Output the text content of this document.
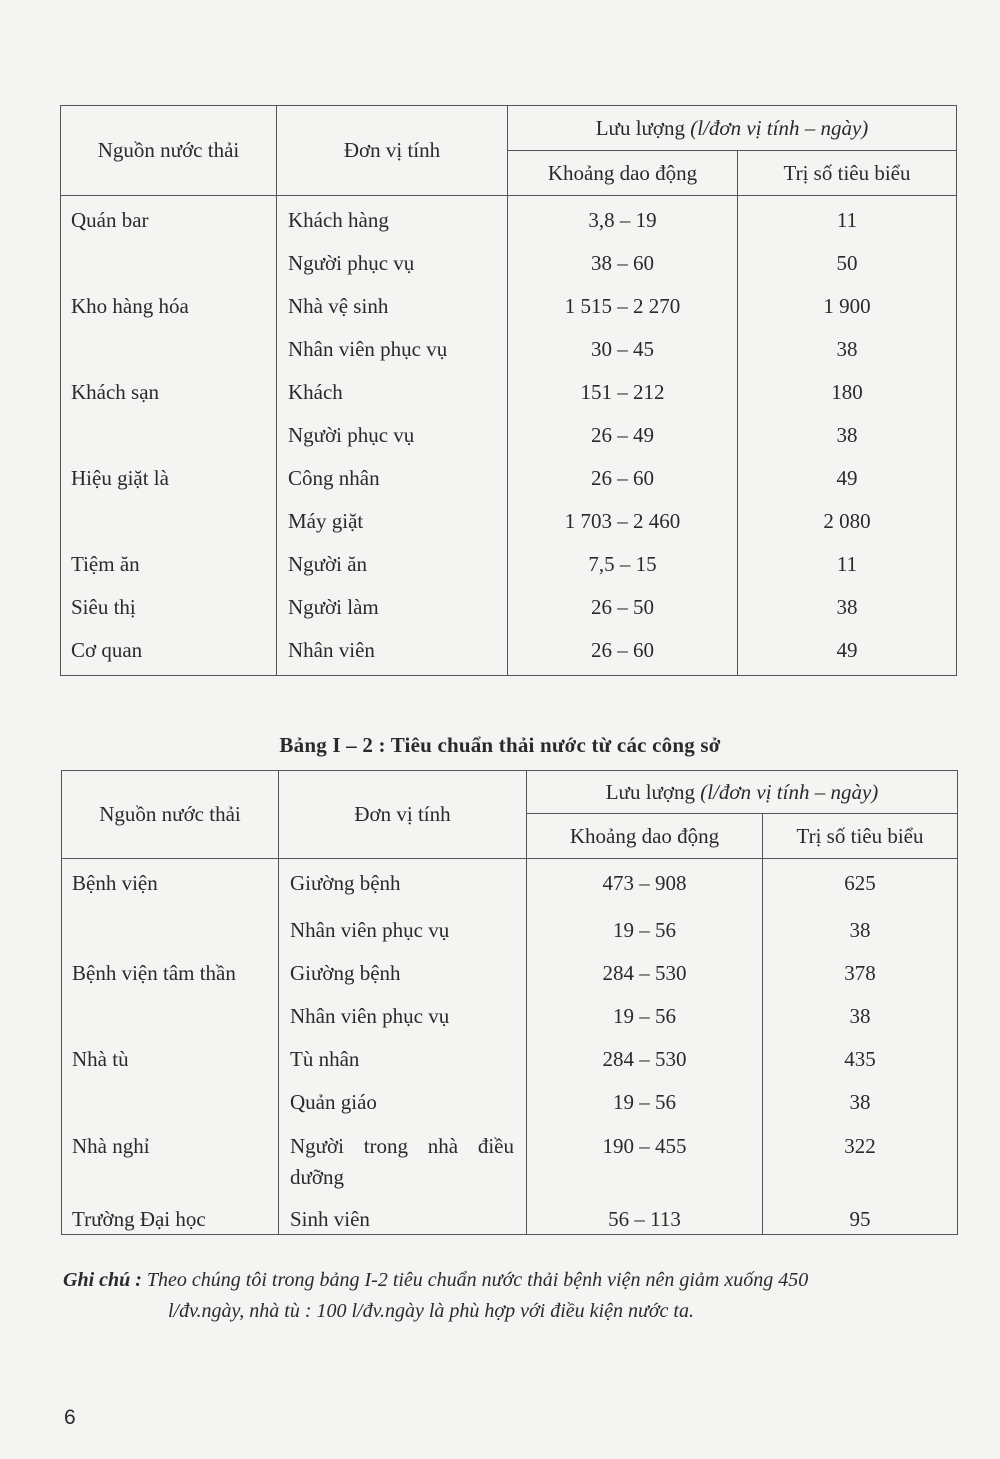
Nguồn nước thải	Đơn vị tính	Lưu lượng (l/đơn vị tính – ngày)	
		Khoảng dao động	Trị số tiêu biểu
Quán bar	Khách hàng	3,8 – 19	11
	Người phục vụ	38 – 60	50
Kho hàng hóa	Nhà vệ sinh	1 515 – 2 270	1 900
	Nhân viên phục vụ	30 – 45	38
Khách sạn	Khách	151 – 212	180
	Người phục vụ	26 – 49	38
Hiệu giặt là	Công nhân	26 – 60	49
	Máy giặt	1 703 – 2 460	2 080
Tiệm ăn	Người ăn	7,5 – 15	11
Siêu thị	Người làm	26 – 50	38
Cơ quan	Nhân viên	26 – 60	49
Bảng I – 2 : Tiêu chuẩn thải nước từ các công sở
Nguồn nước thải	Đơn vị tính	Lưu lượng (l/đơn vị tính – ngày)	
		Khoảng dao động	Trị số tiêu biểu
Bệnh viện	Giường bệnh	473 – 908	625
	Nhân viên phục vụ	19 – 56	38
Bệnh viện tâm thần	Giường bệnh	284 – 530	378
	Nhân viên phục vụ	19 – 56	38
Nhà tù	Tù nhân	284 – 530	435
	Quản giáo	19 – 56	38
Nhà nghỉ	Người trong nhà điều dưỡng	190 – 455	322
Trường Đại học	Sinh viên	56 – 113	95
Ghi chú : Theo chúng tôi trong bảng I-2 tiêu chuẩn nước thải bệnh viện nên giảm xuống 450
l/đv.ngày, nhà tù : 100 l/đv.ngày là phù hợp với điều kiện nước ta.
6
